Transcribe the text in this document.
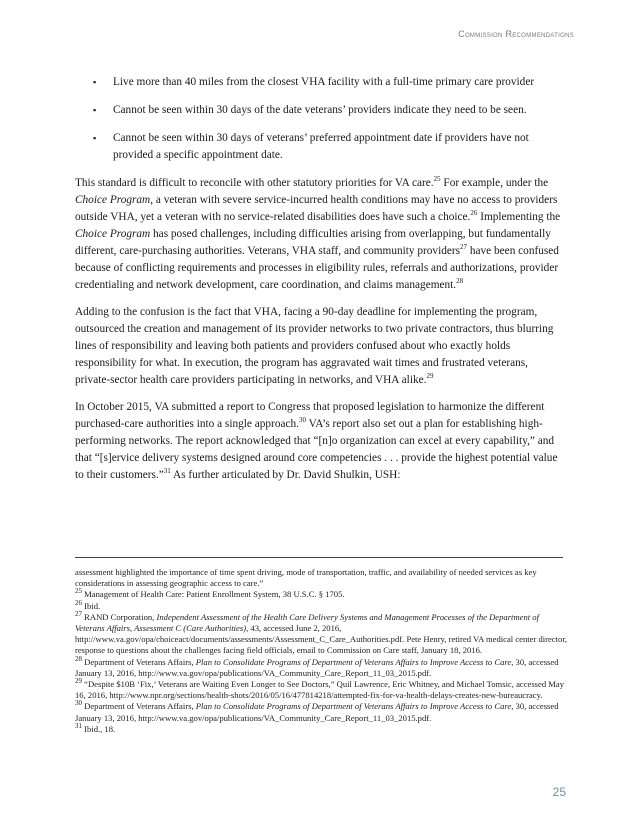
Commission Recommendations
▪ Live more than 40 miles from the closest VHA facility with a full-time primary care provider
▪ Cannot be seen within 30 days of the date veterans’ providers indicate they need to be seen.
▪ Cannot be seen within 30 days of veterans’ preferred appointment date if providers have not provided a specific appointment date.

This standard is difficult to reconcile with other statutory priorities for VA care.$^{25}$ For example, under the Choice Program, a veteran with severe service-incurred health conditions may have no access to providers outside VHA, yet a veteran with no service-related disabilities does have such a choice.$^{26}$ Implementing the Choice Program has posed challenges, including difficulties arising from overlapping, but fundamentally different, care-purchasing authorities. Veterans, VHA staff, and community providers$^{27}$ have been confused because of conflicting requirements and processes in eligibility rules, referrals and authorizations, provider credentialing and network development, care coordination, and claims management.$^{28}$

Adding to the confusion is the fact that VHA, facing a 90-day deadline for implementing the program, outsourced the creation and management of its provider networks to two private contractors, thus blurring lines of responsibility and leaving both patients and providers confused about who exactly holds responsibility for what. In execution, the program has aggravated wait times and frustrated veterans, private-sector health care providers participating in networks, and VHA alike.$^{29}$

In October 2015, VA submitted a report to Congress that proposed legislation to harmonize the different purchased-care authorities into a single approach.$^{30}$ VA’s report also set out a plan for establishing high-performing networks. The report acknowledged that “[n]o organization can excel at every capability,” and that “[s]ervice delivery systems designed around core competencies . . . provide the highest potential value to their customers.”$^{31}$ As further articulated by Dr. David Shulkin, USH:

assessment highlighted the importance of time spent driving, mode of transportation, traffic, and availability of needed services as key considerations in assessing geographic access to care.”

$^{25}$ Management of Health Care: Patient Enrollment System, 38 U.S.C. § 1705.

$^{26}$ Ibid.

$^{27}$ RAND Corporation, Independent Assessment of the Health Care Delivery Systems and Management Processes of the Department of Veterans Affairs, Assessment C (Care Authorities), 43, accessed June 2, 2016, http://www.va.gov/opa/choiceact/documents/assessments/Assessment_C_Care_Authorities.pdf. Pete Henry, retired VA medical center director, response to questions about the challenges facing field officials, email to Commission on Care staff, January 18, 2016.

$^{28}$ Department of Veterans Affairs, Plan to Consolidate Programs of Department of Veterans Affairs to Improve Access to Care, 30, accessed January 13, 2016, http://www.va.gov/opa/publications/VA_Community_Care_Report_11_03_2015.pdf.

$^{29}$ “Despite $10B ‘Fix,’ Veterans are Waiting Even Longer to See Doctors,” Quil Lawrence, Eric Whitney, and Michael Tomsic, accessed May 16, 2016, http://www.npr.org/sections/health-shots/2016/05/16/477814218/attempted-fix-for-va-health-delays-creates-new-bureaucracy.

$^{30}$ Department of Veterans Affairs, Plan to Consolidate Programs of Department of Veterans Affairs to Improve Access to Care, 30, accessed January 13, 2016, http://www.va.gov/opa/publications/VA_Community_Care_Report_11_03_2015.pdf.

$^{31}$ Ibid., 18.

25
